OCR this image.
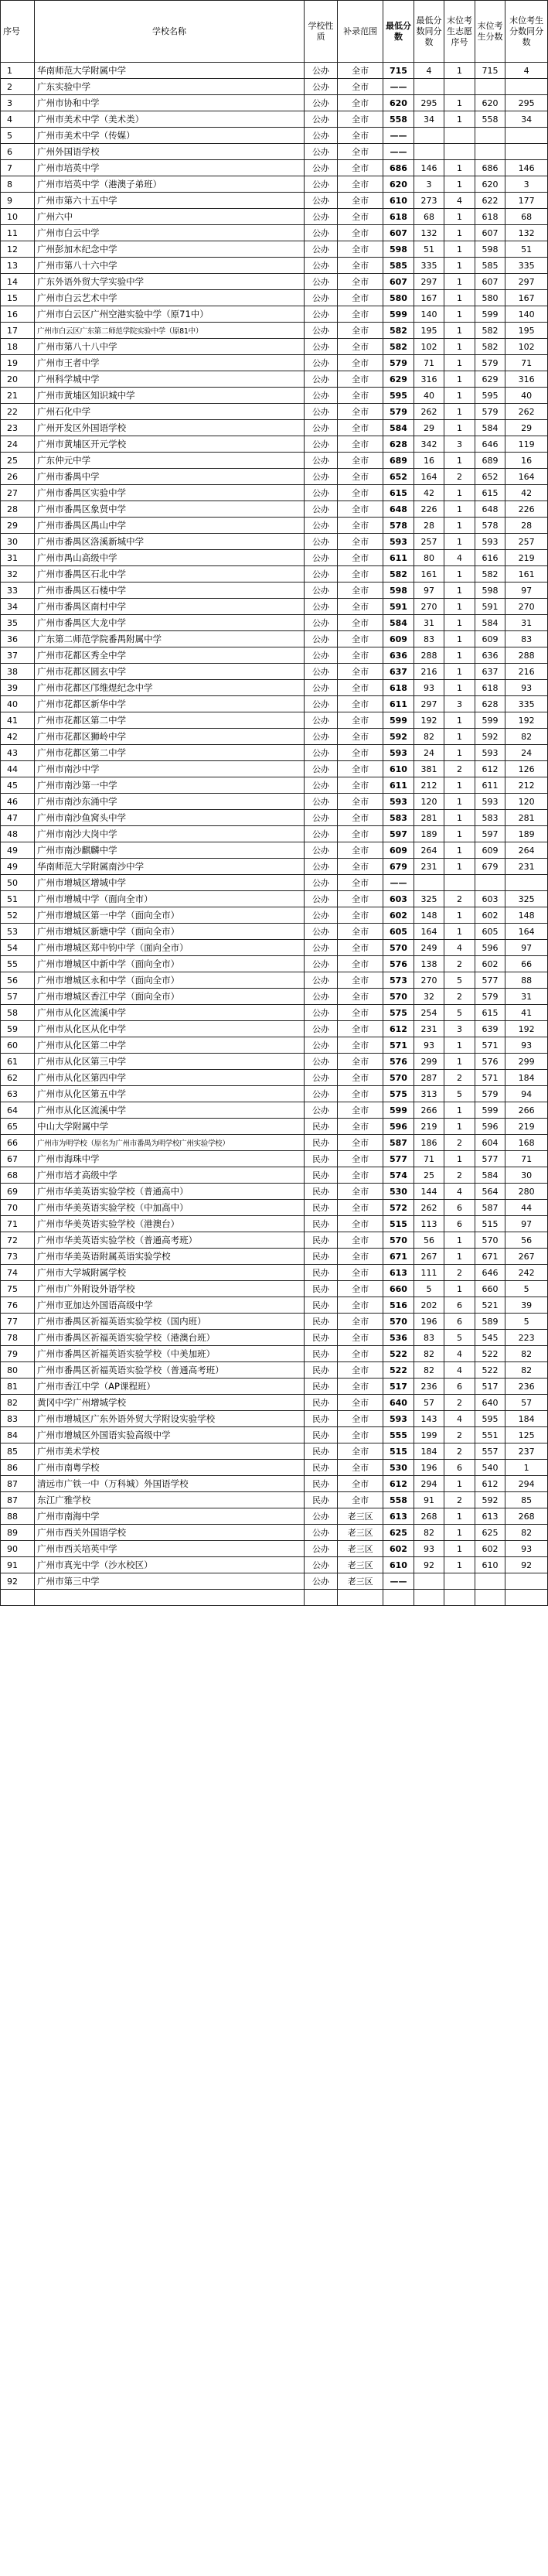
序号	学校名称	学校性质	补录范围	最低分数	最低分数同分数	末位考生志愿序号	末位考生分数	末位考生分数同分数
1	华南师范大学附属中学	公办	全市	715	4	1	715	4
2	广东实验中学	公办	全市	——				
3	广州市协和中学	公办	全市	620	295	1	620	295
4	广州市美术中学（美术类）	公办	全市	558	34	1	558	34
5	广州市美术中学（传媒）	公办	全市	——				
6	广州外国语学校	公办	全市	——				
7	广州市培英中学	公办	全市	686	146	1	686	146
8	广州市培英中学（港澳子弟班）	公办	全市	620	3	1	620	3
9	广州市第六十五中学	公办	全市	610	273	4	622	177
10	广州六中	公办	全市	618	68	1	618	68
11	广州市白云中学	公办	全市	607	132	1	607	132
12	广州彭加木纪念中学	公办	全市	598	51	1	598	51
13	广州市第八十六中学	公办	全市	585	335	1	585	335
14	广东外语外贸大学实验中学	公办	全市	607	297	1	607	297
15	广州市白云艺术中学	公办	全市	580	167	1	580	167
16	广州市白云区广州空港实验中学（原71中）	公办	全市	599	140	1	599	140
17	广州市白云区广东第二师范学院实验中学（原81中）	公办	全市	582	195	1	582	195
18	广州市第八十八中学	公办	全市	582	102	1	582	102
19	广州市王者中学	公办	全市	579	71	1	579	71
20	广州科学城中学	公办	全市	629	316	1	629	316
21	广州市黄埔区知识城中学	公办	全市	595	40	1	595	40
22	广州石化中学	公办	全市	579	262	1	579	262
23	广州开发区外国语学校	公办	全市	584	29	1	584	29
24	广州市黄埔区开元学校	公办	全市	628	342	3	646	119
25	广东仲元中学	公办	全市	689	16	1	689	16
26	广州市番禺中学	公办	全市	652	164	2	652	164
27	广州市番禺区实验中学	公办	全市	615	42	1	615	42
28	广州市番禺区象贤中学	公办	全市	648	226	1	648	226
29	广州市番禺区禺山中学	公办	全市	578	28	1	578	28
30	广州市番禺区洛溪新城中学	公办	全市	593	257	1	593	257
31	广州市禺山高级中学	公办	全市	611	80	4	616	219
32	广州市番禺区石北中学	公办	全市	582	161	1	582	161
33	广州市番禺区石楼中学	公办	全市	598	97	1	598	97
34	广州市番禺区南村中学	公办	全市	591	270	1	591	270
35	广州市番禺区大龙中学	公办	全市	584	31	1	584	31
36	广东第二师范学院番禺附属中学	公办	全市	609	83	1	609	83
37	广州市花都区秀全中学	公办	全市	636	288	1	636	288
38	广州市花都区圆玄中学	公办	全市	637	216	1	637	216
39	广州市花都区邝维煜纪念中学	公办	全市	618	93	1	618	93
40	广州市花都区新华中学	公办	全市	611	297	3	628	335
41	广州市花都区第二中学	公办	全市	599	192	1	599	192
42	广州市花都区狮岭中学	公办	全市	592	82	1	592	82
43	广州市花都区第二中学	公办	全市	593	24	1	593	24
44	广州市南沙中学	公办	全市	610	381	2	612	126
45	广州市南沙第一中学	公办	全市	611	212	1	611	212
46	广州市南沙东涌中学	公办	全市	593	120	1	593	120
47	广州市南沙鱼窝头中学	公办	全市	583	281	1	583	281
48	广州市南沙大岗中学	公办	全市	597	189	1	597	189
49	广州市南沙麒麟中学	公办	全市	609	264	1	609	264
49	华南师范大学附属南沙中学	公办	全市	679	231	1	679	231
50	广州市增城区增城中学	公办	全市	——				
51	广州市增城中学（面向全市）	公办	全市	603	325	2	603	325
52	广州市增城区第一中学（面向全市）	公办	全市	602	148	1	602	148
53	广州市增城区新塘中学（面向全市）	公办	全市	605	164	1	605	164
54	广州市增城区郑中钧中学（面向全市）	公办	全市	570	249	4	596	97
55	广州市增城区中新中学（面向全市）	公办	全市	576	138	2	602	66
56	广州市增城区永和中学（面向全市）	公办	全市	573	270	5	577	88
57	广州市增城区香江中学（面向全市）	公办	全市	570	32	2	579	31
58	广州市从化区流溪中学	公办	全市	575	254	5	615	41
59	广州市从化区从化中学	公办	全市	612	231	3	639	192
60	广州市从化区第二中学	公办	全市	571	93	1	571	93
61	广州市从化区第三中学	公办	全市	576	299	1	576	299
62	广州市从化区第四中学	公办	全市	570	287	2	571	184
63	广州市从化区第五中学	公办	全市	575	313	5	579	94
64	广州市从化区流溪中学	公办	全市	599	266	1	599	266
65	中山大学附属中学	民办	全市	596	219	1	596	219
66	广州市为明学校（原名为广州市番禺为明学校广州实验学校）	民办	全市	587	186	2	604	168
67	广州市海珠中学	民办	全市	577	71	1	577	71
68	广州市培才高级中学	民办	全市	574	25	2	584	30
69	广州市华美英语实验学校（普通高中）	民办	全市	530	144	4	564	280
70	广州市华美英语实验学校（中加高中）	民办	全市	572	262	6	587	44
71	广州市华美英语实验学校（港澳台）	民办	全市	515	113	6	515	97
72	广州市华美英语实验学校（普通高考班）	民办	全市	570	56	1	570	56
73	广州市华美英语附属英语实验学校	民办	全市	671	267	1	671	267
74	广州市大学城附属学校	民办	全市	613	111	2	646	242
75	广州市广外附设外语学校	民办	全市	660	5	1	660	5
76	广州市亚加达外国语高级中学	民办	全市	516	202	6	521	39
77	广州市番禺区祈福英语实验学校（国内班）	民办	全市	570	196	6	589	5
78	广州市番禺区祈福英语实验学校（港澳台班）	民办	全市	536	83	5	545	223
79	广州市番禺区祈福英语实验学校（中美加班）	民办	全市	522	82	4	522	82
80	广州市番禺区祈福英语实验学校（普通高考班）	民办	全市	522	82	4	522	82
81	广州市香江中学（AP课程班）	民办	全市	517	236	6	517	236
82	黄冈中学广州增城学校	民办	全市	640	57	2	640	57
83	广州市增城区广东外语外贸大学附设实验学校	民办	全市	593	143	4	595	184
84	广州市增城区外国语实验高级中学	民办	全市	555	199	2	551	125
85	广州市美术学校	民办	全市	515	184	2	557	237
86	广州市南粤学校	民办	全市	530	196	6	540	1
87	清远市广铁一中（万科城）外国语学校	民办	全市	612	294	1	612	294
87	东江广雅学校	民办	全市	558	91	2	592	85
88	广州市南海中学	公办	老三区	613	268	1	613	268
89	广州市西关外国语学校	公办	老三区	625	82	1	625	82
90	广州市西关培英中学	公办	老三区	602	93	1	602	93
91	广州市真光中学（沙水校区）	公办	老三区	610	92	1	610	92
92	广州市第三中学	公办	老三区	——				
